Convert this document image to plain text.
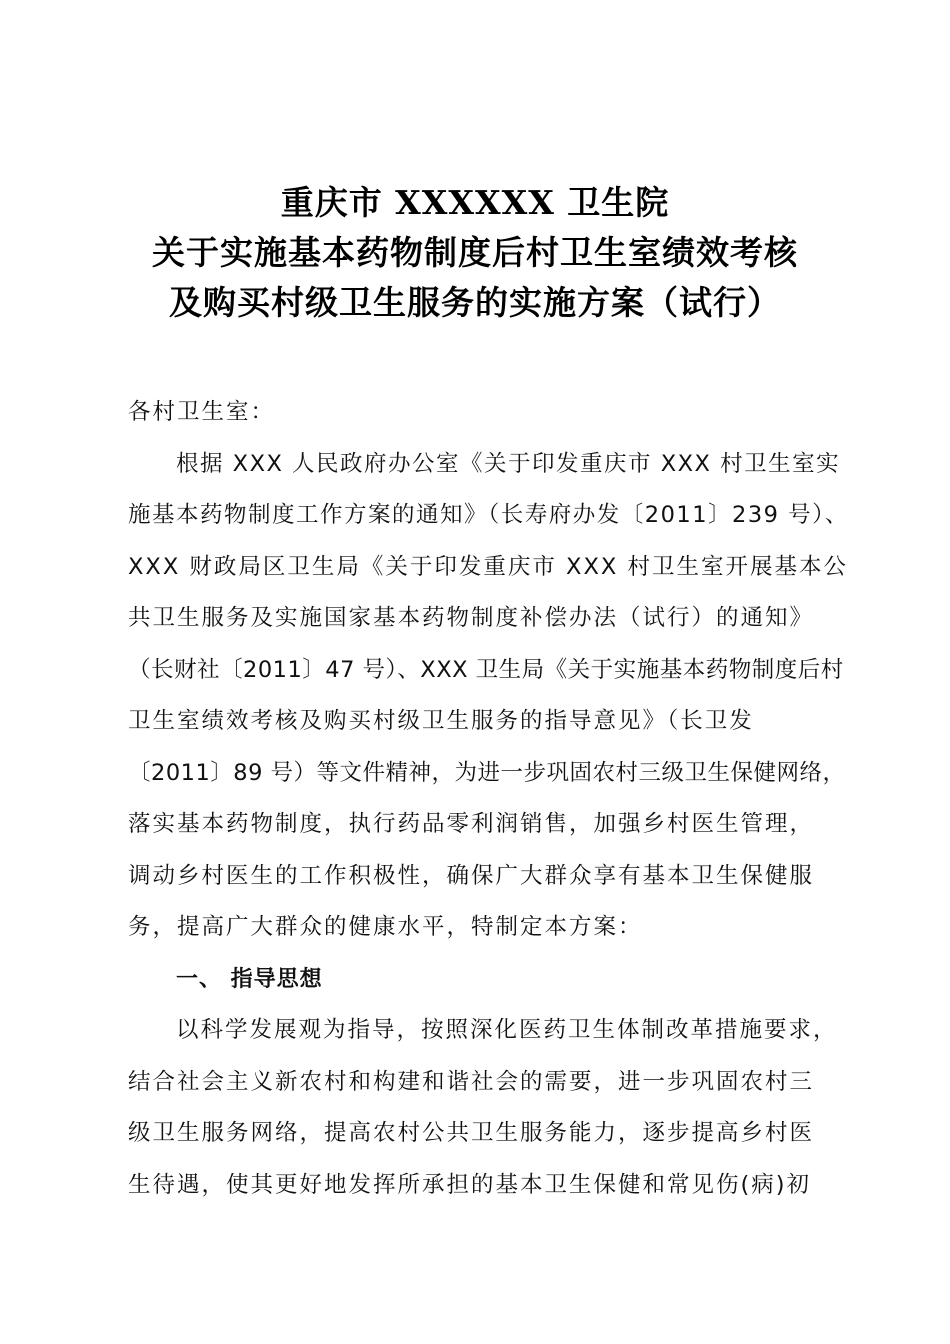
重庆市 XXXXXX 卫生院
关于实施基本药物制度后村卫生室绩效考核
及购买村级卫生服务的实施方案（试行）
各村卫生室：
根据 XXX 人民政府办公室《关于印发重庆市 XXX 村卫生室实
施基本药物制度工作方案的通知》（长寿府办发〔2011〕239 号）、
XXX 财政局区卫生局《关于印发重庆市 XXX 村卫生室开展基本公
共卫生服务及实施国家基本药物制度补偿办法（试行）的通知》
（长财社〔2011〕47 号）、XXX 卫生局《关于实施基本药物制度后村
卫生室绩效考核及购买村级卫生服务的指导意见》（长卫发
〔2011〕89 号）等文件精神，为进一步巩固农村三级卫生保健网络，
落实基本药物制度，执行药品零利润销售，加强乡村医生管理，
调动乡村医生的工作积极性，确保广大群众享有基本卫生保健服
务，提高广大群众的健康水平，特制定本方案：
一、 指导思想
以科学发展观为指导，按照深化医药卫生体制改革措施要求，
结合社会主义新农村和构建和谐社会的需要，进一步巩固农村三
级卫生服务网络，提高农村公共卫生服务能力，逐步提高乡村医
生待遇，使其更好地发挥所承担的基本卫生保健和常见伤(病)初
